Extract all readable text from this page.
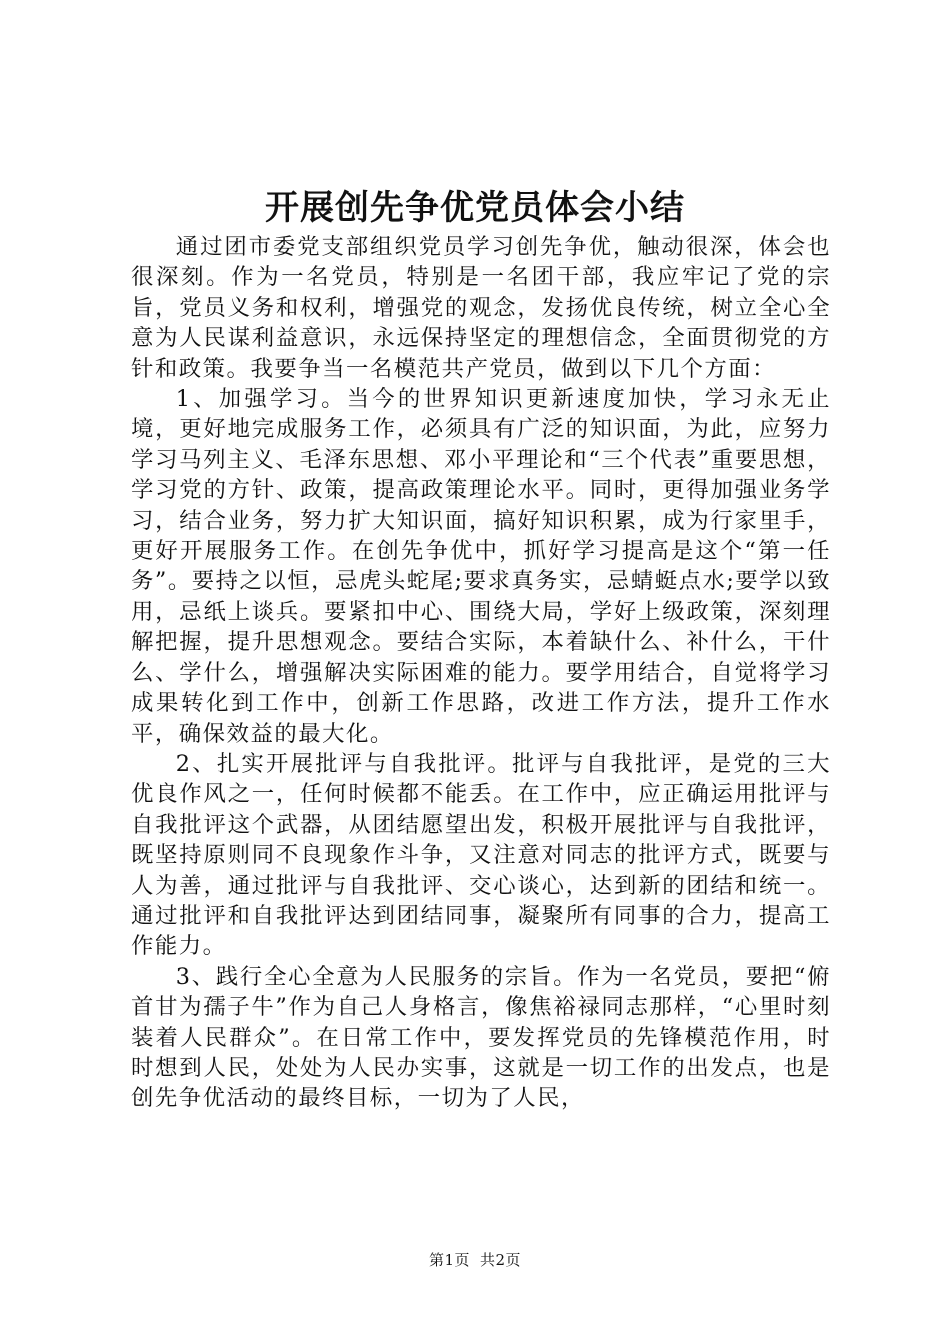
开展创先争优党员体会小结

通过团市委党支部组织党员学习创先争优，触动很深，体会也很深刻。作为一名党员，特别是一名团干部，我应牢记了党的宗旨，党员义务和权利，增强党的观念，发扬优良传统，树立全心全意为人民谋利益意识，永远保持坚定的理想信念，全面贯彻党的方针和政策。我要争当一名模范共产党员，做到以下几个方面：

1、加强学习。当今的世界知识更新速度加快，学习永无止境，更好地完成服务工作，必须具有广泛的知识面，为此，应努力学习马列主义、毛泽东思想、邓小平理论和“三个代表”重要思想，学习党的方针、政策，提高政策理论水平。同时，更得加强业务学习，结合业务，努力扩大知识面，搞好知识积累，成为行家里手，更好开展服务工作。在创先争优中，抓好学习提高是这个“第一任务”。要持之以恒，忌虎头蛇尾;要求真务实，忌蜻蜓点水;要学以致用，忌纸上谈兵。要紧扣中心、围绕大局，学好上级政策，深刻理解把握，提升思想观念。要结合实际，本着缺什么、补什么，干什么、学什么，增强解决实际困难的能力。要学用结合，自觉将学习成果转化到工作中，创新工作思路，改进工作方法，提升工作水平，确保效益的最大化。

2、扎实开展批评与自我批评。批评与自我批评，是党的三大优良作风之一，任何时候都不能丢。在工作中，应正确运用批评与自我批评这个武器，从团结愿望出发，积极开展批评与自我批评，既坚持原则同不良现象作斗争，又注意对同志的批评方式，既要与人为善，通过批评与自我批评、交心谈心，达到新的团结和统一。通过批评和自我批评达到团结同事，凝聚所有同事的合力，提高工作能力。

3、践行全心全意为人民服务的宗旨。作为一名党员，要把“俯首甘为孺子牛”作为自己人身格言，像焦裕禄同志那样，“心里时刻装着人民群众”。在日常工作中，要发挥党员的先锋模范作用，时时想到人民，处处为人民办实事，这就是一切工作的出发点，也是创先争优活动的最终目标，一切为了人民，

第1页 共2页
